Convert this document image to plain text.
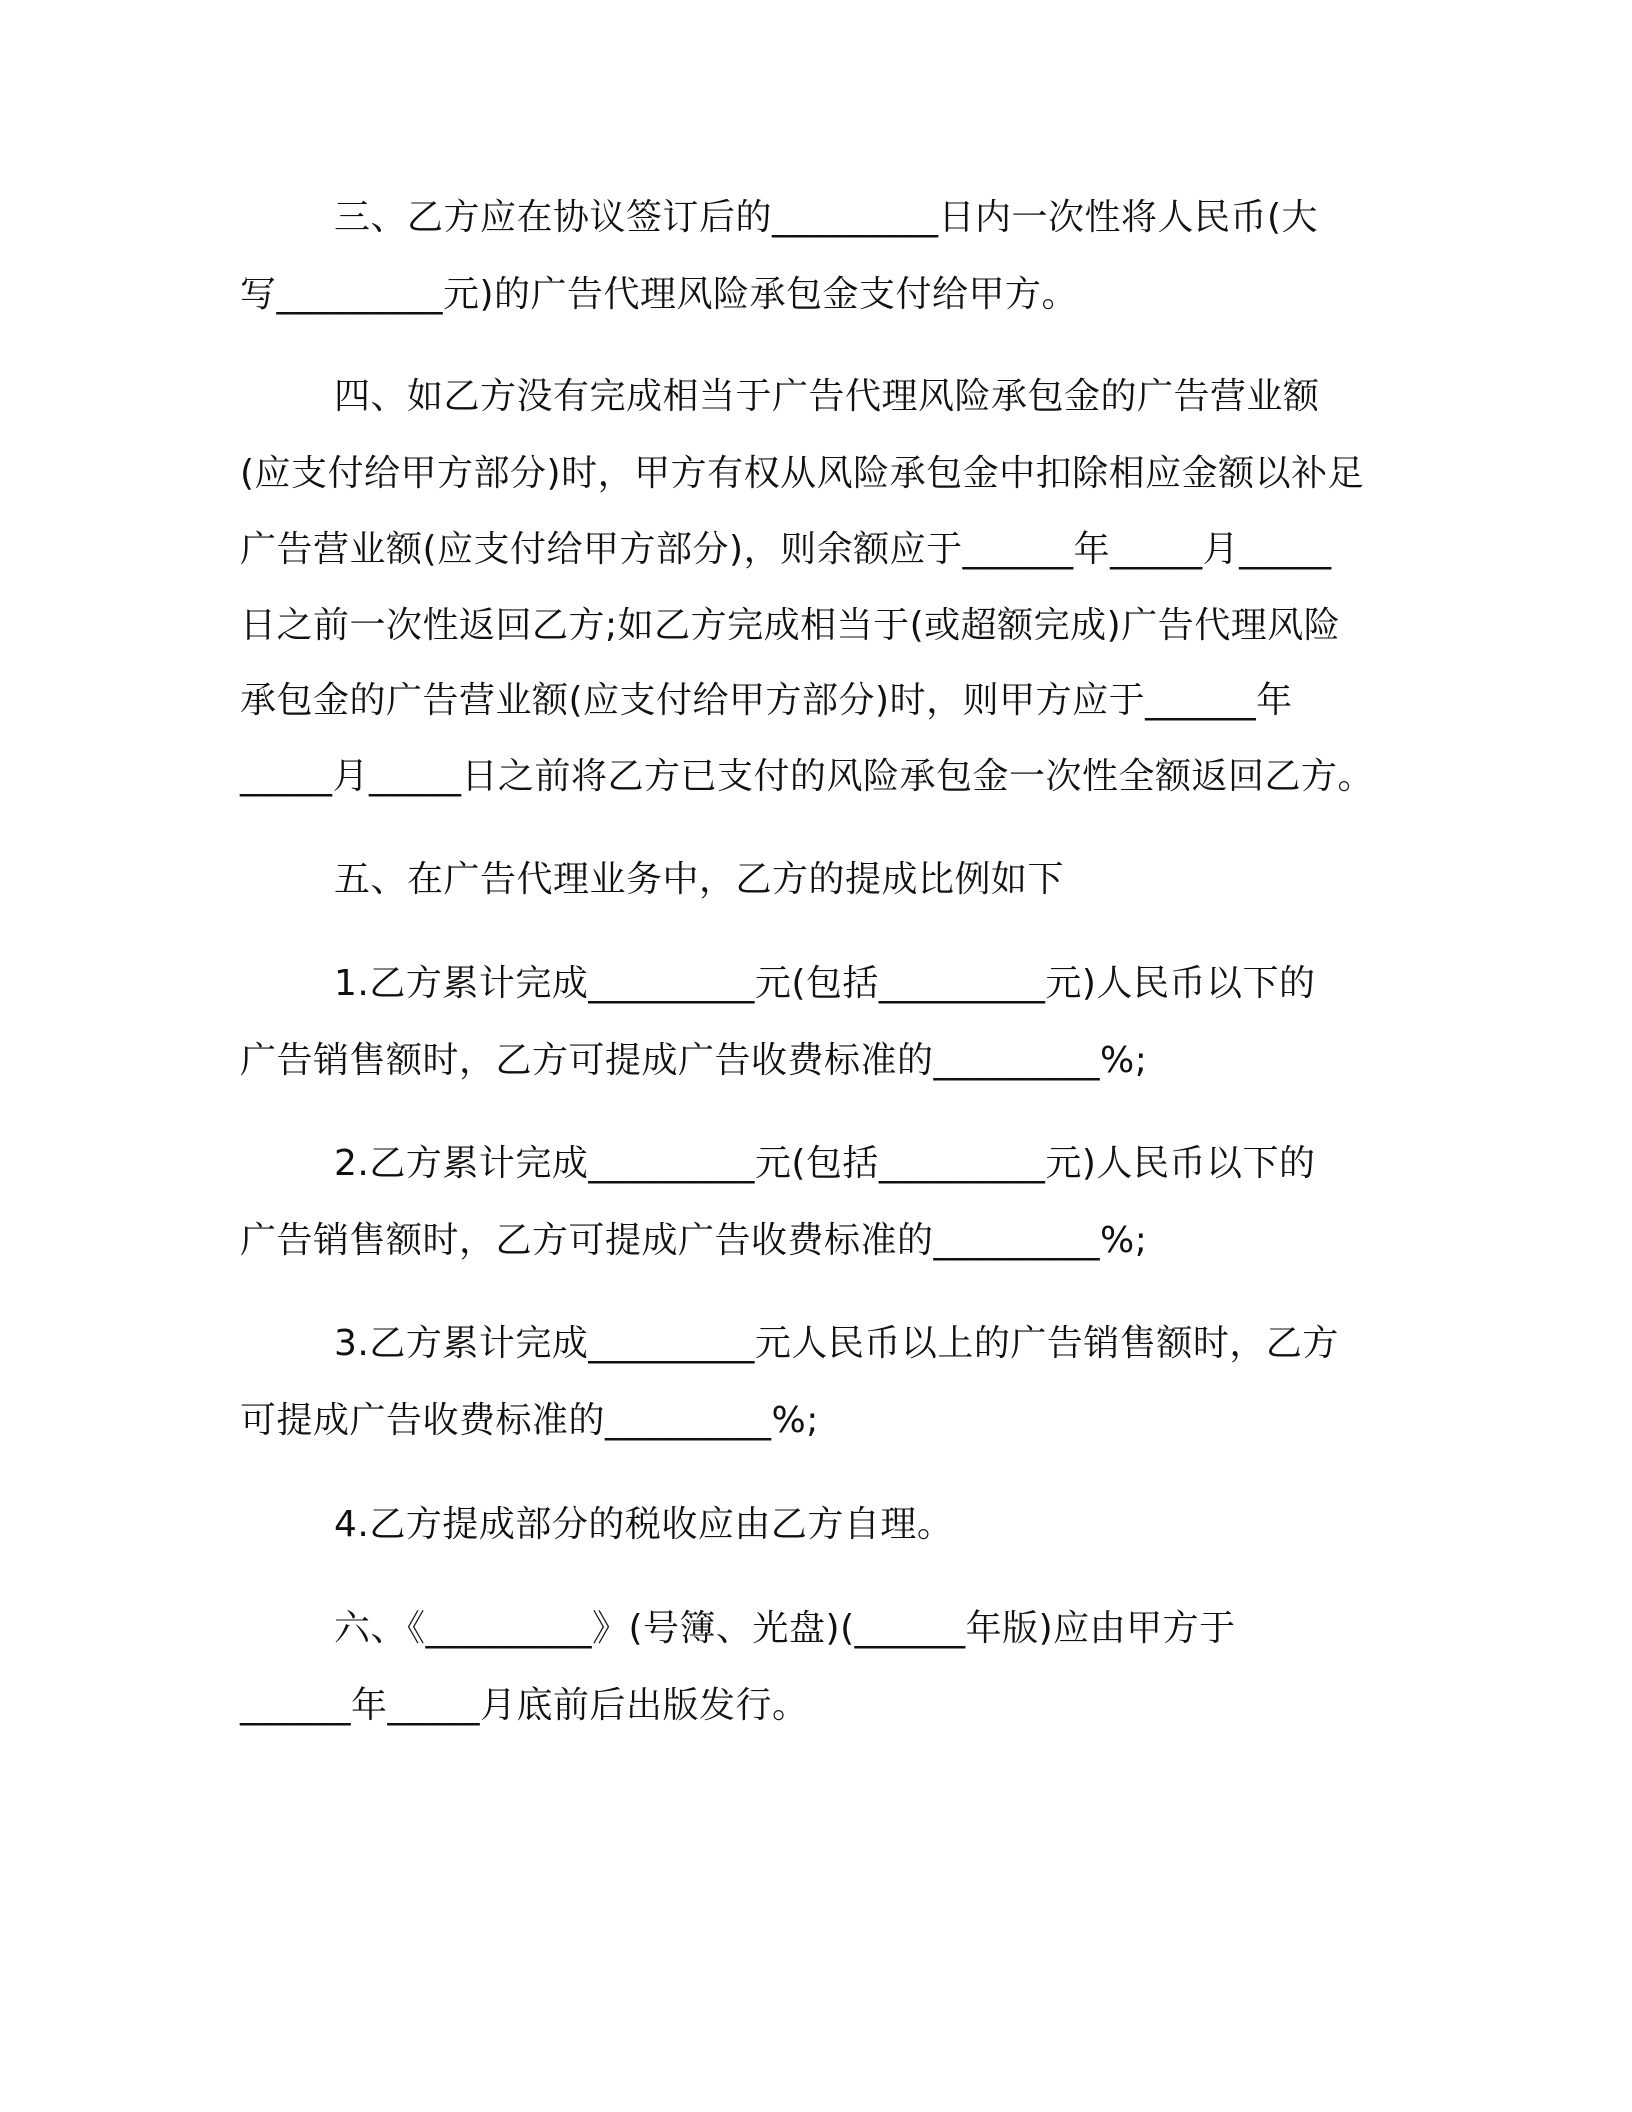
三、乙方应在协议签订后的_________日内一次性将人民币(大

写_________元)的广告代理风险承包金支付给甲方。

四、如乙方没有完成相当于广告代理风险承包金的广告营业额

(应支付给甲方部分)时，甲方有权从风险承包金中扣除相应金额以补足

广告营业额(应支付给甲方部分)，则余额应于______年_____月_____

日之前一次性返回乙方;如乙方完成相当于(或超额完成)广告代理风险

承包金的广告营业额(应支付给甲方部分)时，则甲方应于______年

_____月_____日之前将乙方已支付的风险承包金一次性全额返回乙方。

五、在广告代理业务中，乙方的提成比例如下

1.乙方累计完成_________元(包括_________元)人民币以下的

广告销售额时，乙方可提成广告收费标准的_________%;

2.乙方累计完成_________元(包括_________元)人民币以下的

广告销售额时，乙方可提成广告收费标准的_________%;

3.乙方累计完成_________元人民币以上的广告销售额时，乙方

可提成广告收费标准的_________%;

4.乙方提成部分的税收应由乙方自理。

六、《_________》(号簿、光盘)(______年版)应由甲方于

______年_____月底前后出版发行。
